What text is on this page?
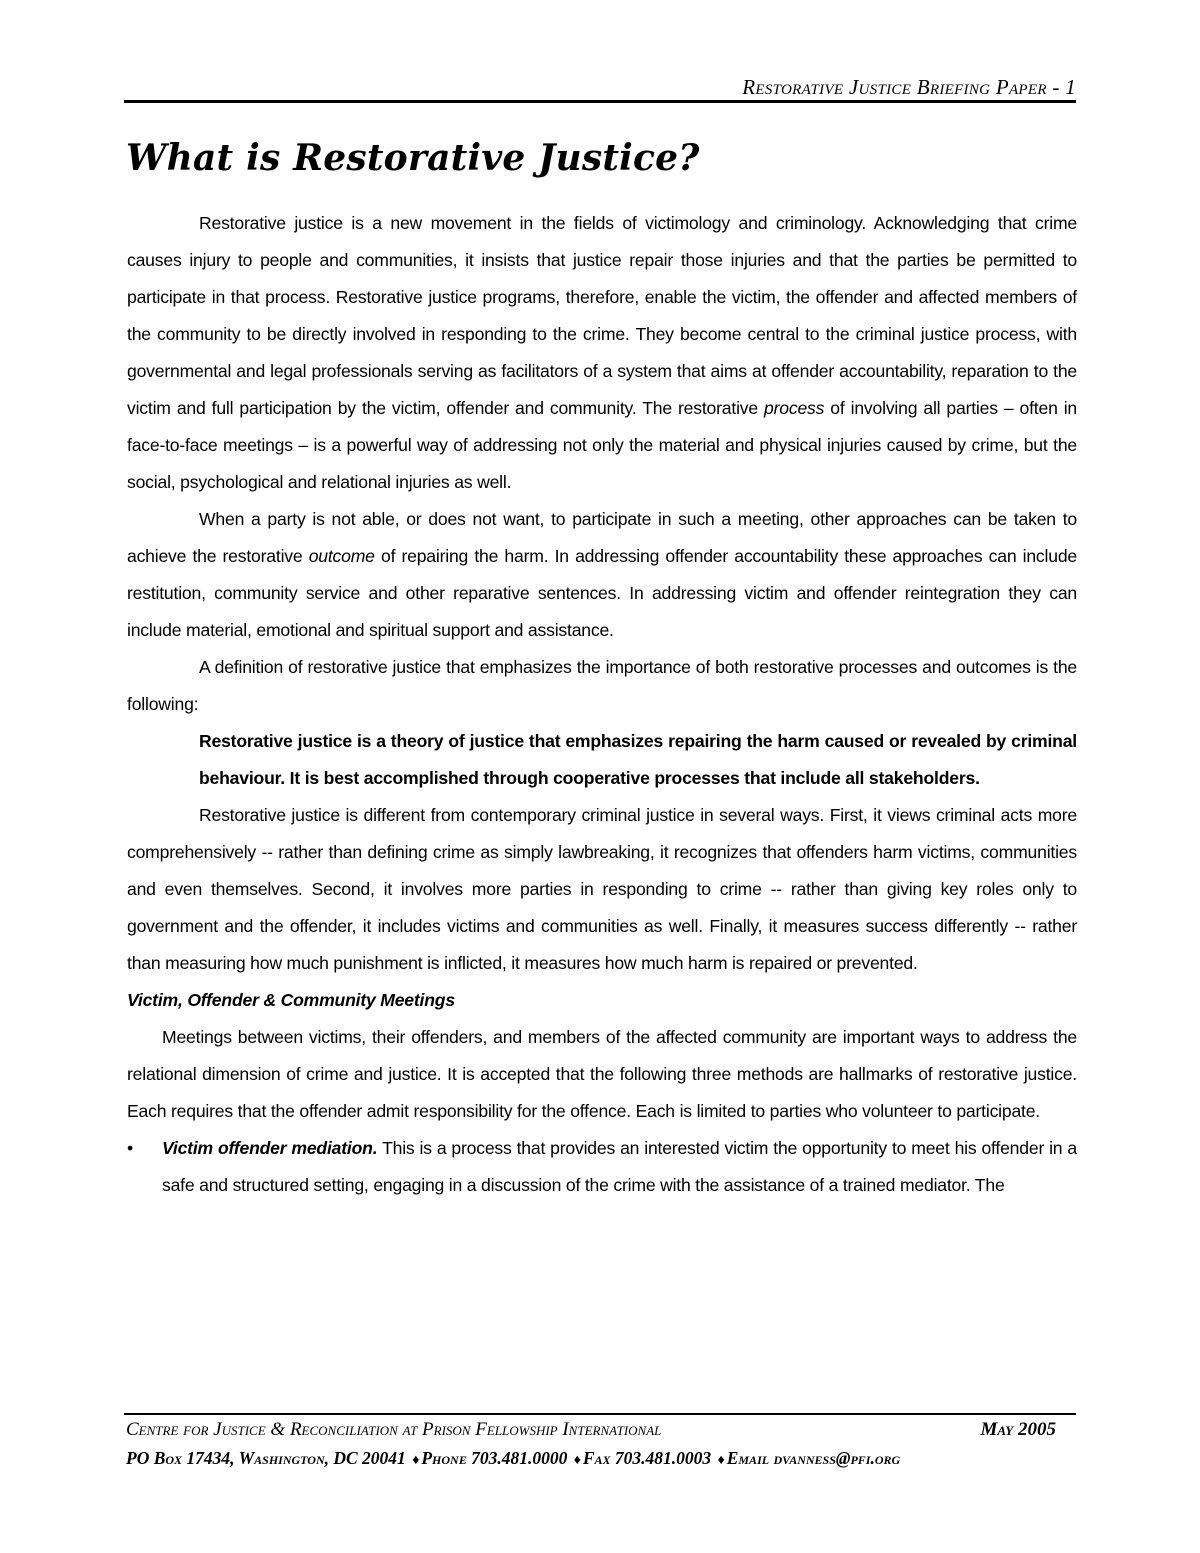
Restorative Justice Briefing Paper - 1
What is Restorative Justice?

Restorative justice is a new movement in the fields of victimology and criminology. Acknowledging that crime causes injury to people and communities, it insists that justice repair those injuries and that the parties be permitted to participate in that process. Restorative justice programs, therefore, enable the victim, the offender and affected members of the community to be directly involved in responding to the crime. They become central to the criminal justice process, with governmental and legal professionals serving as facilitators of a system that aims at offender accountability, reparation to the victim and full participation by the victim, offender and community. The restorative process of involving all parties – often in face-to-face meetings – is a powerful way of addressing not only the material and physical injuries caused by crime, but the social, psychological and relational injuries as well.

When a party is not able, or does not want, to participate in such a meeting, other approaches can be taken to achieve the restorative outcome of repairing the harm. In addressing offender accountability these approaches can include restitution, community service and other reparative sentences. In addressing victim and offender reintegration they can include material, emotional and spiritual support and assistance.

A definition of restorative justice that emphasizes the importance of both restorative processes and outcomes is the following:

Restorative justice is a theory of justice that emphasizes repairing the harm caused or revealed by criminal behaviour. It is best accomplished through cooperative processes that include all stakeholders.

Restorative justice is different from contemporary criminal justice in several ways. First, it views criminal acts more comprehensively -- rather than defining crime as simply lawbreaking, it recognizes that offenders harm victims, communities and even themselves. Second, it involves more parties in responding to crime -- rather than giving key roles only to government and the offender, it includes victims and communities as well. Finally, it measures success differently -- rather than measuring how much punishment is inflicted, it measures how much harm is repaired or prevented.

Victim, Offender & Community Meetings

Meetings between victims, their offenders, and members of the affected community are important ways to address the relational dimension of crime and justice. It is accepted that the following three methods are hallmarks of restorative justice. Each requires that the offender admit responsibility for the offence. Each is limited to parties who volunteer to participate.

•	Victim offender mediation. This is a process that provides an interested victim the opportunity to meet his offender in a safe and structured setting, engaging in a discussion of the crime with the assistance of a trained mediator. The

Centre for Justice & Reconciliation at Prison Fellowship International	May 2005
PO Box 17434, Washington, DC 20041 ♦ Phone 703.481.0000 ♦ Fax 703.481.0003 ♦ Email dvanness@pfi.org
